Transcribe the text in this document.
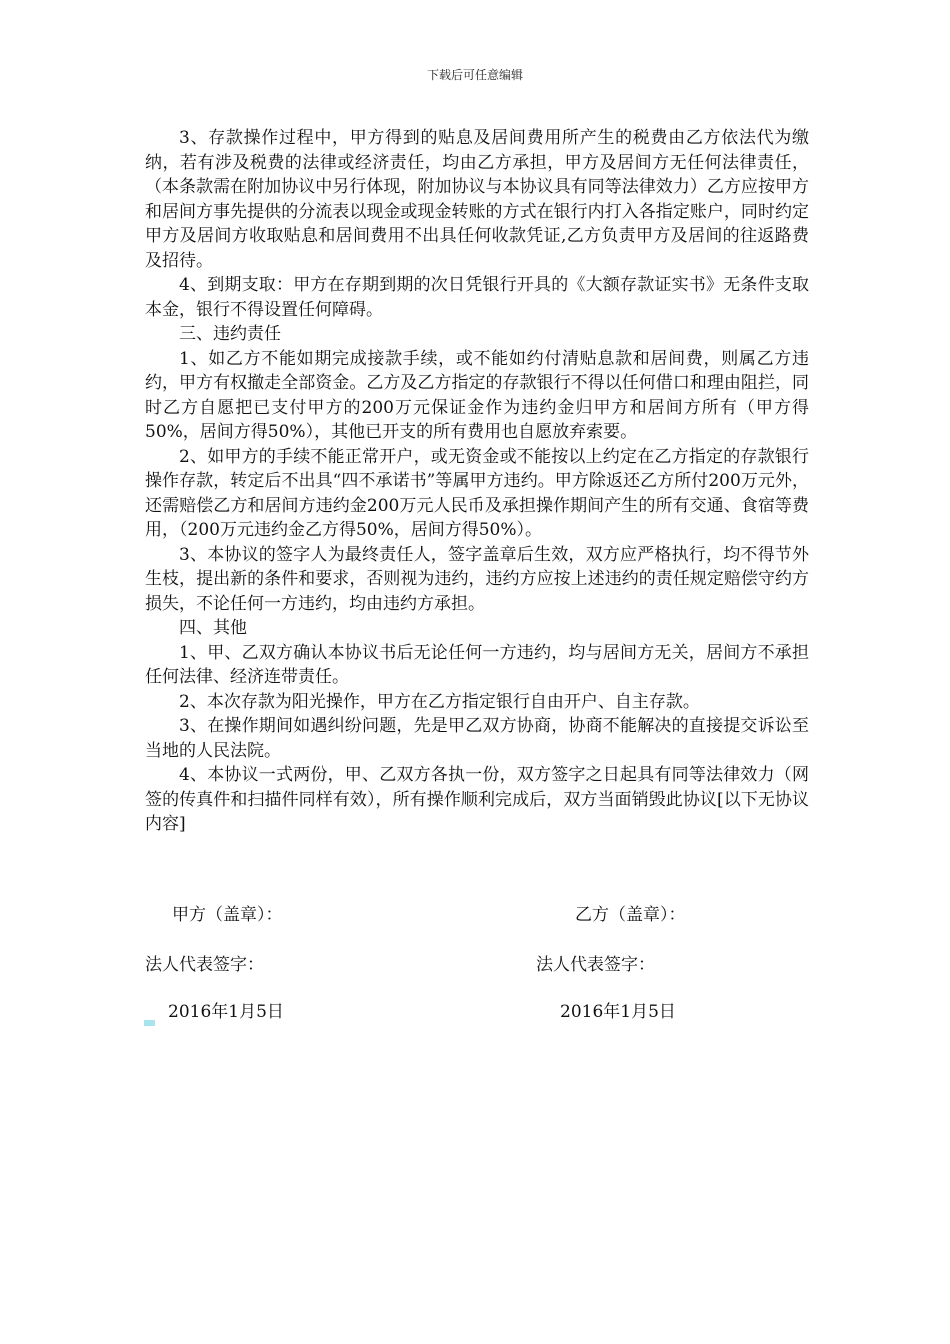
下载后可任意编辑

3、存款操作过程中，甲方得到的贴息及居间费用所产生的税费由乙方依法代为缴纳，若有涉及税费的法律或经济责任，均由乙方承担，甲方及居间方无任何法律责任，（本条款需在附加协议中另行体现，附加协议与本协议具有同等法律效力）乙方应按甲方和居间方事先提供的分流表以现金或现金转账的方式在银行内打入各指定账户，同时约定甲方及居间方收取贴息和居间费用不出具任何收款凭证,乙方负责甲方及居间的往返路费及招待。

4、到期支取：甲方在存期到期的次日凭银行开具的《大额存款证实书》无条件支取本金，银行不得设置任何障碍。

三、违约责任

1、如乙方不能如期完成接款手续，或不能如约付清贴息款和居间费，则属乙方违约，甲方有权撤走全部资金。乙方及乙方指定的存款银行不得以任何借口和理由阻拦，同时乙方自愿把已支付甲方的200万元保证金作为违约金归甲方和居间方所有（甲方得50%，居间方得50%），其他已开支的所有费用也自愿放弃索要。

2、如甲方的手续不能正常开户，或无资金或不能按以上约定在乙方指定的存款银行操作存款，转定后不出具“四不承诺书”等属甲方违约。甲方除返还乙方所付200万元外，还需赔偿乙方和居间方违约金200万元人民币及承担操作期间产生的所有交通、食宿等费用，（200万元违约金乙方得50%，居间方得50%）。

3、本协议的签字人为最终责任人，签字盖章后生效，双方应严格执行，均不得节外生枝，提出新的条件和要求，否则视为违约，违约方应按上述违约的责任规定赔偿守约方损失，不论任何一方违约，均由违约方承担。

四、其他

1、甲、乙双方确认本协议书后无论任何一方违约，均与居间方无关，居间方不承担任何法律、经济连带责任。

2、本次存款为阳光操作，甲方在乙方指定银行自由开户、自主存款。

3、在操作期间如遇纠纷问题，先是甲乙双方协商，协商不能解决的直接提交诉讼至当地的人民法院。

4、本协议一式两份，甲、乙双方各执一份，双方签字之日起具有同等法律效力（网签的传真件和扫描件同样有效），所有操作顺利完成后，双方当面销毁此协议[以下无协议内容]

甲方（盖章）：	乙方（盖章）：
法人代表签字：	法人代表签字：
2016年1月5日	2016年1月5日
